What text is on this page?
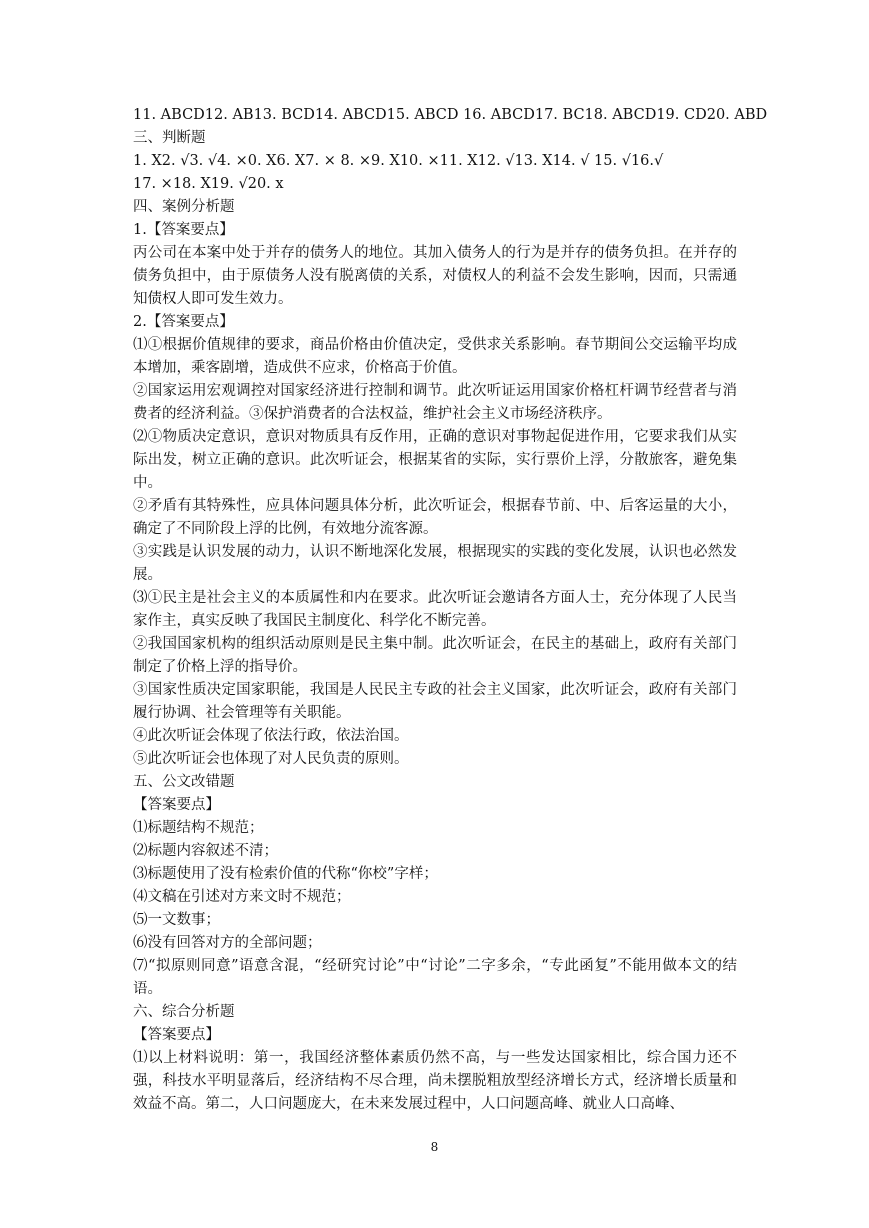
11. ABCD12. AB13. BCD14. ABCD15. ABCD 16. ABCD17. BC18. ABCD19. CD20. ABD
三、判断题
1. X2. √3. √4. ×0. X6. X7. × 8. ×9. X10. ×11. X12. √13. X14. √ 15. √16.√
17. ×18. X19. √20. x
四、案例分析题
1.【答案要点】
丙公司在本案中处于并存的债务人的地位。其加入债务人的行为是并存的债务负担。在并存的债务负担中，由于原债务人没有脱离债的关系，对债权人的利益不会发生影响，因而，只需通知债权人即可发生效力。
2.【答案要点】
⑴①根据价值规律的要求，商品价格由价值决定，受供求关系影响。春节期间公交运输平均成本增加，乘客剧增，造成供不应求，价格高于价值。
②国家运用宏观调控对国家经济进行控制和调节。此次听证运用国家价格杠杆调节经营者与消费者的经济利益。③保护消费者的合法权益，维护社会主义市场经济秩序。
⑵①物质决定意识，意识对物质具有反作用，正确的意识对事物起促进作用，它要求我们从实际出发，树立正确的意识。此次听证会，根据某省的实际，实行票价上浮，分散旅客，避免集中。
②矛盾有其特殊性，应具体问题具体分析，此次听证会，根据春节前、中、后客运量的大小，确定了不同阶段上浮的比例，有效地分流客源。
③实践是认识发展的动力，认识不断地深化发展，根据现实的实践的变化发展，认识也必然发展。
⑶①民主是社会主义的本质属性和内在要求。此次听证会邀请各方面人士，充分体现了人民当家作主，真实反映了我国民主制度化、科学化不断完善。
②我国国家机构的组织活动原则是民主集中制。此次听证会，在民主的基础上，政府有关部门制定了价格上浮的指导价。
③国家性质决定国家职能，我国是人民民主专政的社会主义国家，此次听证会，政府有关部门履行协调、社会管理等有关职能。
④此次听证会体现了依法行政，依法治国。
⑤此次听证会也体现了对人民负责的原则。
五、公文改错题
【答案要点】
⑴标题结构不规范；
⑵标题内容叙述不清；
⑶标题使用了没有检索价值的代称“你校”字样；
⑷文稿在引述对方来文时不规范；
⑸一文数事；
⑹没有回答对方的全部问题；
⑺“拟原则同意”语意含混，“经研究讨论”中“讨论”二字多余，“专此函复”不能用做本文的结语。
六、综合分析题
【答案要点】
⑴以上材料说明：第一，我国经济整体素质仍然不高，与一些发达国家相比，综合国力还不强，科技水平明显落后，经济结构不尽合理，尚未摆脱粗放型经济增长方式，经济增长质量和效益不高。第二，人口问题庞大，在未来发展过程中，人口问题高峰、就业人口高峰、
8
